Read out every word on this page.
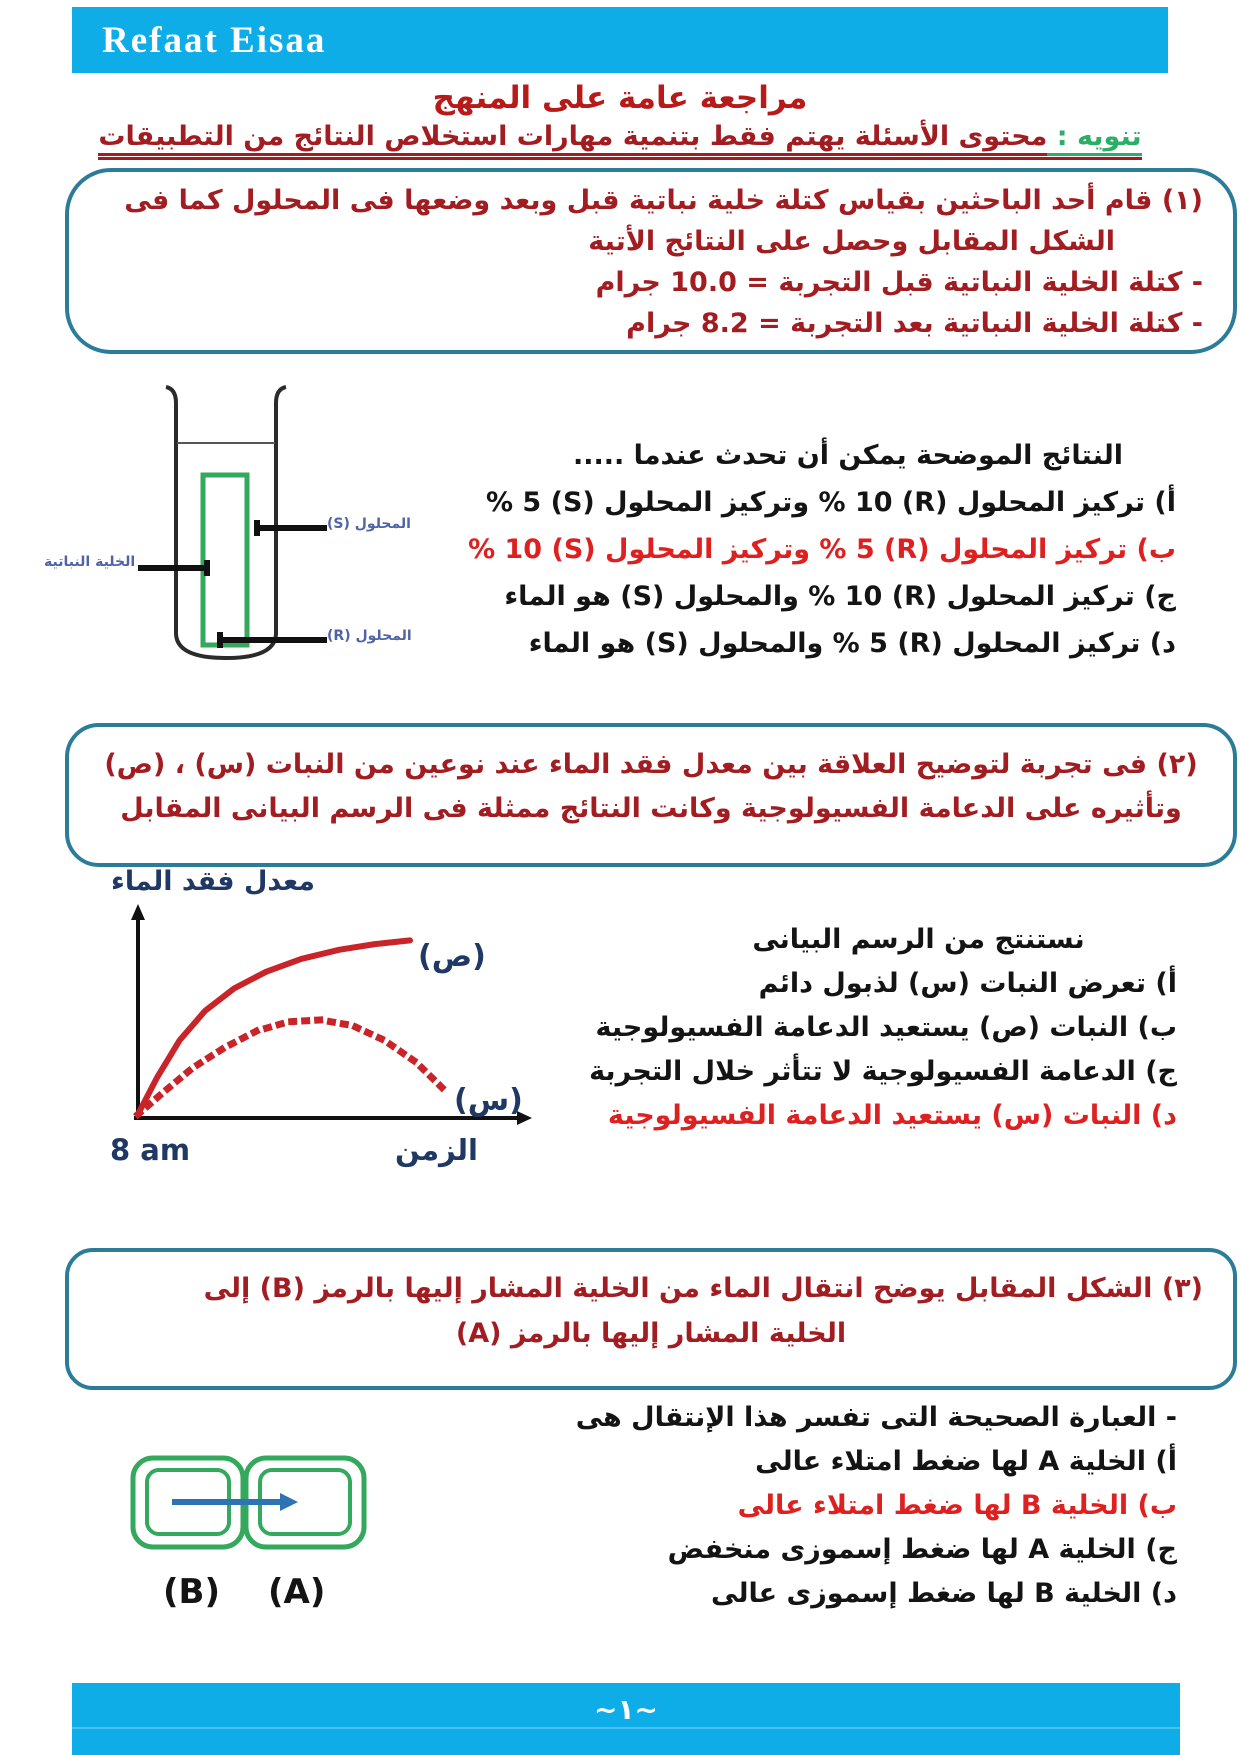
Refaat Eisaa
مراجعة عامة على المنهج
تنويه : محتوى الأسئلة يهتم فقط بتنمية مهارات استخلاص النتائج من التطبيقات
(١) قام أحد الباحثين بقياس كتلة خلية نباتية قبل وبعد وضعها فى المحلول كما فى
الشكل المقابل وحصل على النتائج الأتية
- كتلة الخلية النباتية قبل التجربة = 10.0 جرام
- كتلة الخلية النباتية بعد التجربة = 8.2 جرام
المحلول (S)
الخلية النباتية
المحلول (R)
النتائج الموضحة يمكن أن تحدث عندما .....
أ) تركيز المحلول (R) 10 % وتركيز المحلول (S) 5 %
ب) تركيز المحلول (R) 5 % وتركيز المحلول (S) 10 %
ج) تركيز المحلول (R) 10 % والمحلول (S) هو الماء
د) تركيز المحلول (R) 5 % والمحلول (S) هو الماء
(٢) فى تجربة لتوضيح العلاقة بين معدل فقد الماء عند نوعين من النبات (س) ، (ص)
وتأثيره على الدعامة الفسيولوجية وكانت النتائج ممثلة فى الرسم البيانى المقابل
معدل فقد الماء
(ص)
(س)
8 am	الزمن
نستنتج من الرسم البيانى
أ) تعرض النبات (س) لذبول دائم
ب) النبات (ص) يستعيد الدعامة الفسيولوجية
ج) الدعامة الفسيولوجية لا تتأثر خلال التجربة
د) النبات (س) يستعيد الدعامة الفسيولوجية
(٣) الشكل المقابل يوضح انتقال الماء من الخلية المشار إليها بالرمز (B) إلى
الخلية المشار إليها بالرمز (A)
(B) (A)
- العبارة الصحيحة التى تفسر هذا الإنتقال هى
أ) الخلية A لها ضغط امتلاء عالى
ب) الخلية B لها ضغط امتلاء عالى
ج) الخلية A لها ضغط إسموزى منخفض
د) الخلية B لها ضغط إسموزى عالى
~١~
